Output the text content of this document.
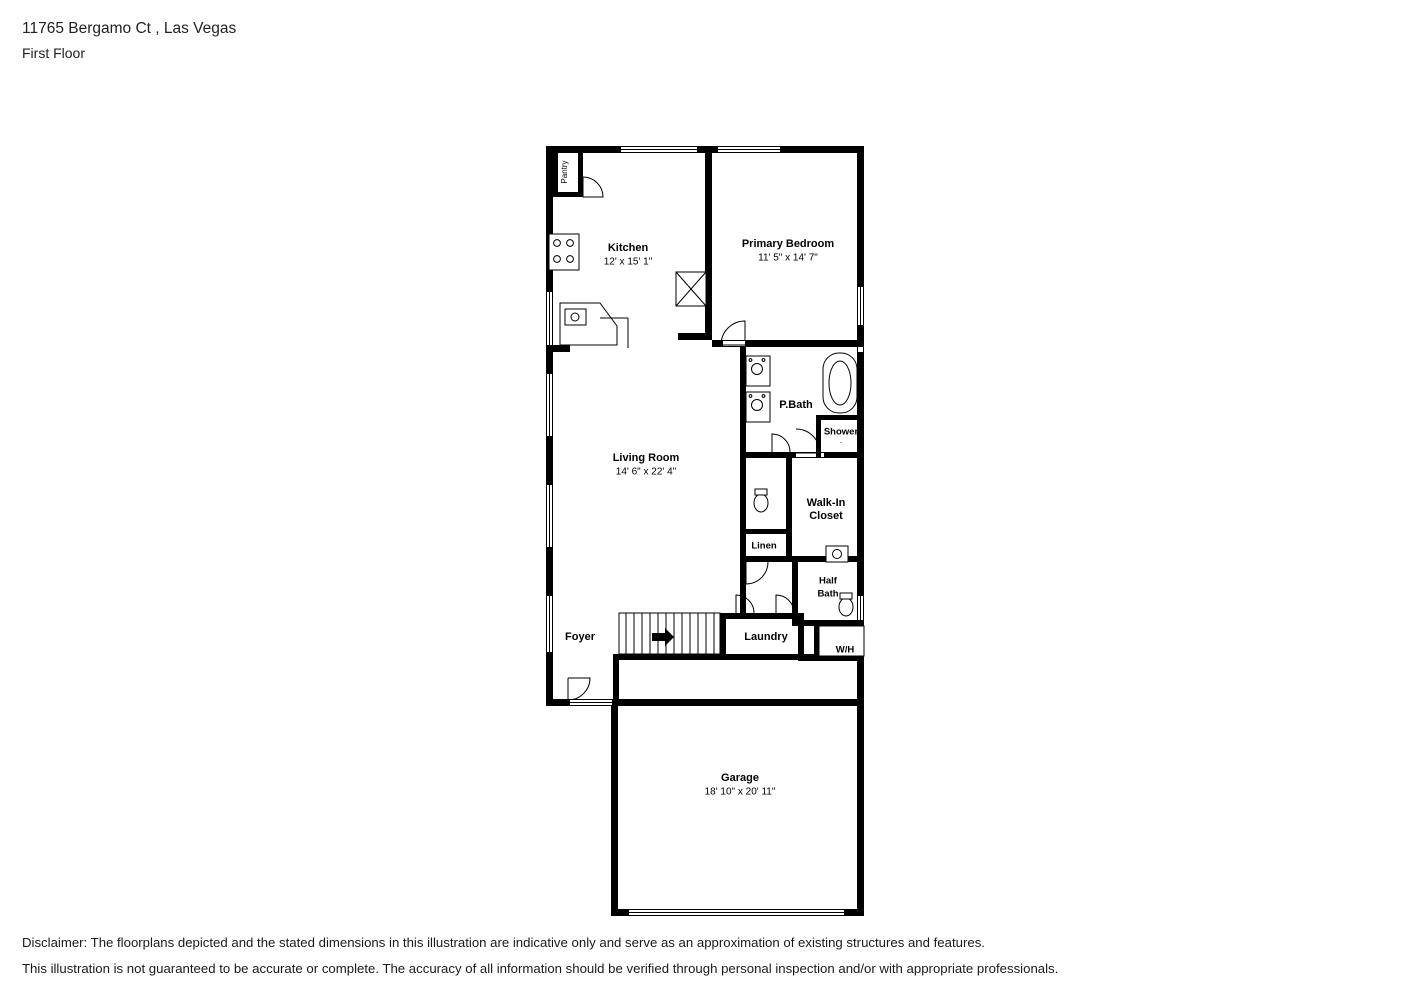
11765 Bergamo Ct , Las Vegas
First Floor
Pantry
Kitchen
12' x 15' 1"
Primary Bedroom
11' 5" x 14' 7"
P.Bath
Shower
·
Living Room
14' 6" x 22' 4"
Walk-In
Closet
Linen
Half
Bath
Foyer	Laundry
W/H
Garage
18' 10" x 20' 11"
Disclaimer: The floorplans depicted and the stated dimensions in this illustration are indicative only and serve as an approximation of existing structures and features.
This illustration is not guaranteed to be accurate or complete. The accuracy of all information should be verified through personal inspection and/or with appropriate professionals.
